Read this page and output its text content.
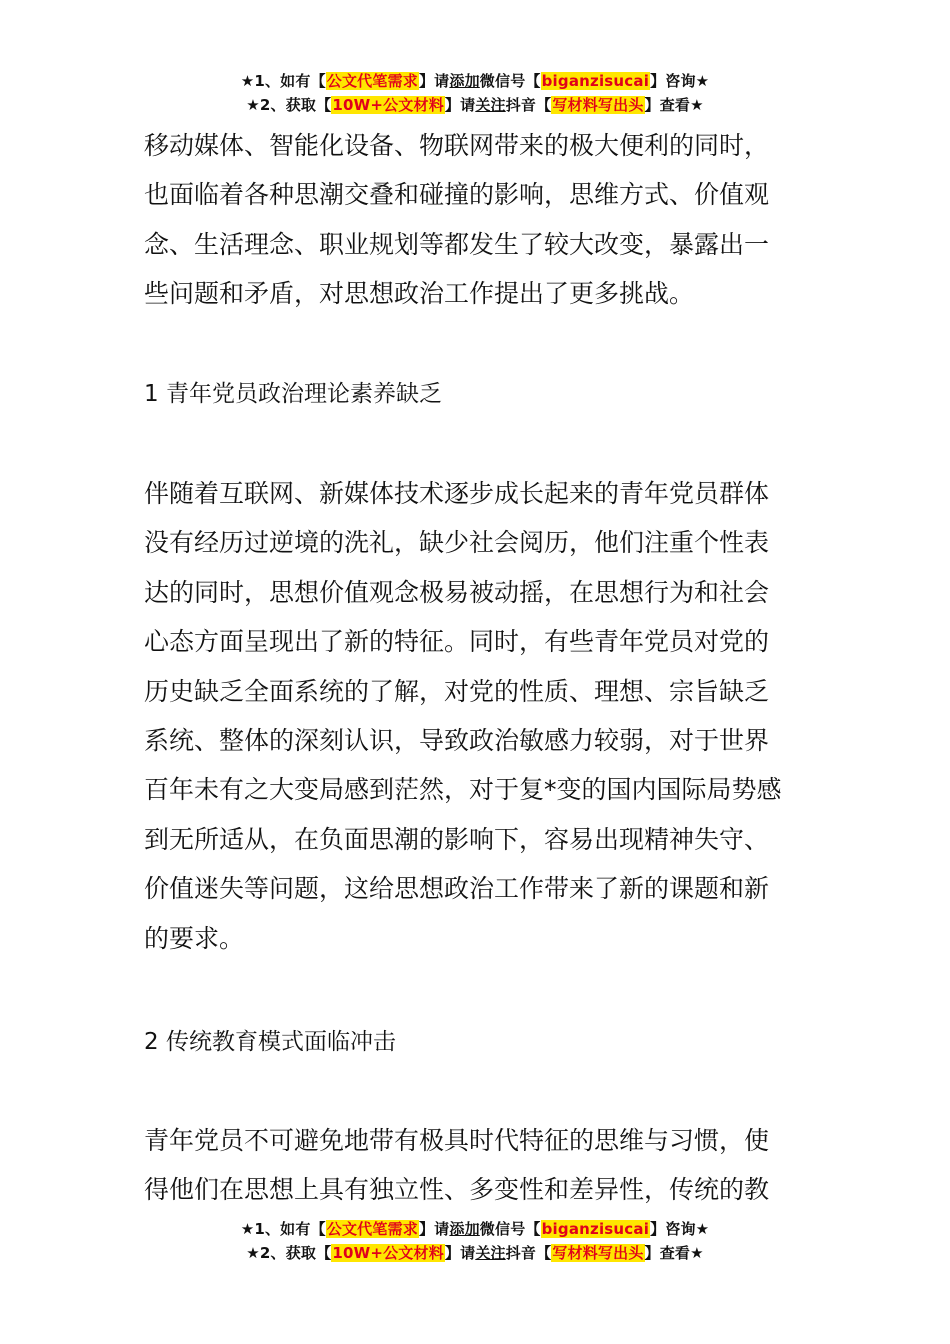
★1、如有【公文代笔需求】请添加微信号【biganzisucai】咨询★
★2、获取【10W+公文材料】请关注抖音【写材料写出头】查看★
移动媒体、智能化设备、物联网带来的极大便利的同时，
也面临着各种思潮交叠和碰撞的影响，思维方式、价值观
念、生活理念、职业规划等都发生了较大改变，暴露出一
些问题和矛盾，对思想政治工作提出了更多挑战。
1 青年党员政治理论素养缺乏
伴随着互联网、新媒体技术逐步成长起来的青年党员群体
没有经历过逆境的洗礼，缺少社会阅历，他们注重个性表
达的同时，思想价值观念极易被动摇，在思想行为和社会
心态方面呈现出了新的特征。同时，有些青年党员对党的
历史缺乏全面系统的了解，对党的性质、理想、宗旨缺乏
系统、整体的深刻认识，导致政治敏感力较弱，对于世界
百年未有之大变局感到茫然，对于复*变的国内国际局势感
到无所适从，在负面思潮的影响下，容易出现精神失守、
价值迷失等问题，这给思想政治工作带来了新的课题和新
的要求。
2 传统教育模式面临冲击
青年党员不可避免地带有极具时代特征的思维与习惯，使
得他们在思想上具有独立性、多变性和差异性，传统的教
★1、如有【公文代笔需求】请添加微信号【biganzisucai】咨询★
★2、获取【10W+公文材料】请关注抖音【写材料写出头】查看★
